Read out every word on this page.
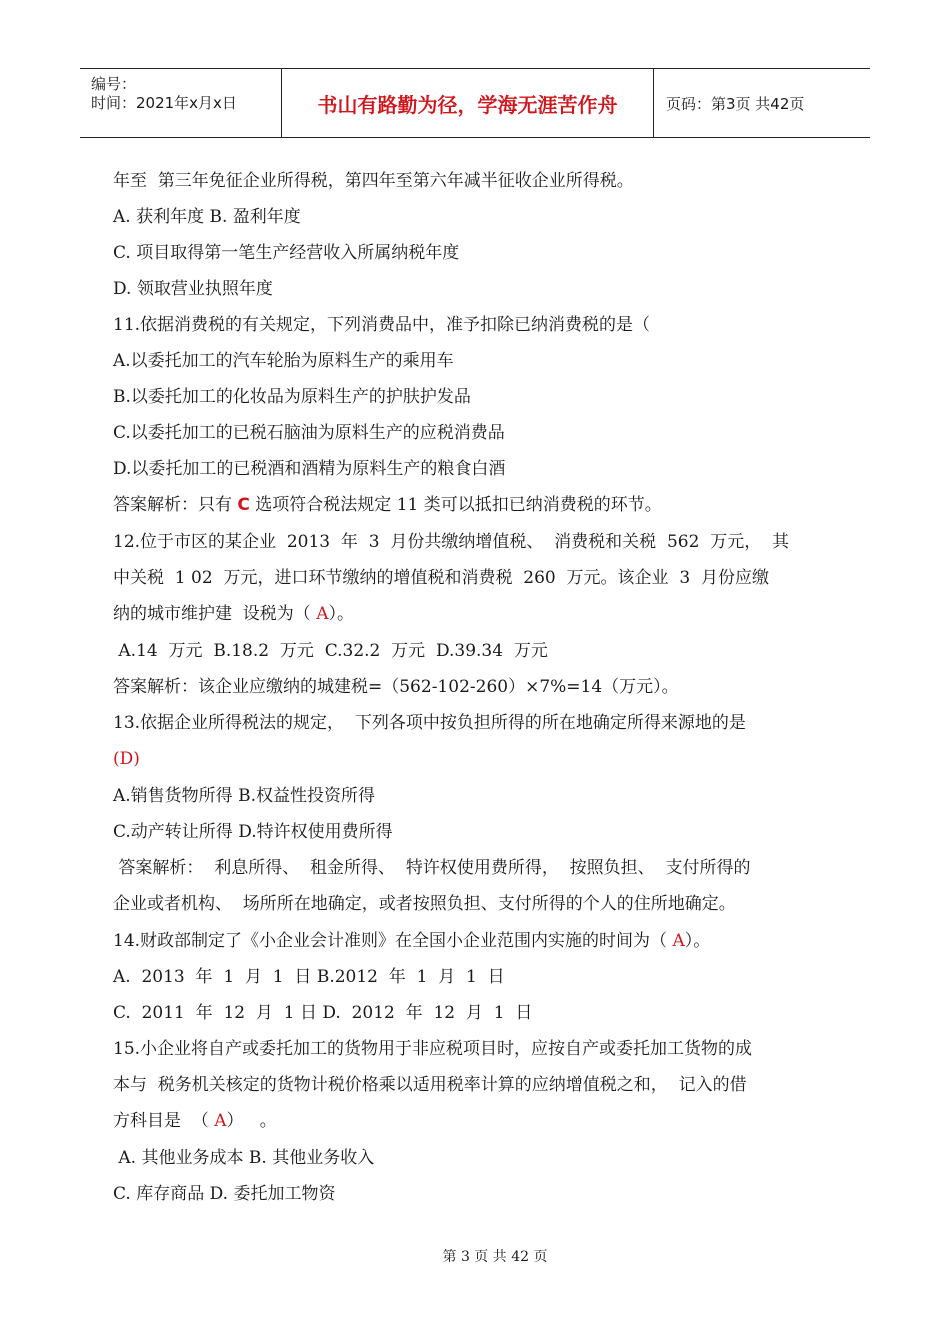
编号：
时间：2021年x月x日	书山有路勤为径，学海无涯苦作舟	页码：第3页 共42页
年至  第三年免征企业所得税，第四年至第六年减半征收企业所得税。
A. 获利年度 B. 盈利年度
C. 项目取得第一笔生产经营收入所属纳税年度
D. 领取营业执照年度
11.依据消费税的有关规定，下列消费品中，准予扣除已纳消费税的是（
A.以委托加工的汽车轮胎为原料生产的乘用车
B.以委托加工的化妆品为原料生产的护肤护发品
C.以委托加工的已税石脑油为原料生产的应税消费品
D.以委托加工的已税酒和酒精为原料生产的粮食白酒
答案解析：只有 C 选项符合税法规定 11 类可以抵扣已纳消费税的环节。
12.位于市区的某企业  2013  年  3  月份共缴纳增值税、  消费税和关税  562  万元，  其
中关税  1 02  万元，进口环节缴纳的增值税和消费税  260  万元。该企业  3  月份应缴
纳的城市维护建  设税为（ A）。
A.14  万元  B.18.2  万元  C.32.2  万元  D.39.34  万元
答案解析：该企业应缴纳的城建税=（562-102-260）×7%=14（万元）。
13.依据企业所得税法的规定，  下列各项中按负担所得的所在地确定所得来源地的是
(D)
A.销售货物所得 B.权益性投资所得
C.动产转让所得 D.特许权使用费所得
答案解析：  利息所得、  租金所得、  特许权使用费所得，  按照负担、  支付所得的
企业或者机构、  场所所在地确定，或者按照负担、支付所得的个人的住所地确定。
14.财政部制定了《小企业会计准则》在全国小企业范围内实施的时间为（ A）。
A.  2013  年  1  月  1  日 B.2012  年  1  月  1  日
C.  2011  年  12  月  1 日 D.  2012  年  12  月  1  日
15.小企业将自产或委托加工的货物用于非应税项目时，应按自产或委托加工货物的成
本与  税务机关核定的货物计税价格乘以适用税率计算的应纳增值税之和，  记入的借
方科目是  （ A）   。
A. 其他业务成本 B. 其他业务收入
C. 库存商品 D. 委托加工物资
第 3 页 共 42 页
